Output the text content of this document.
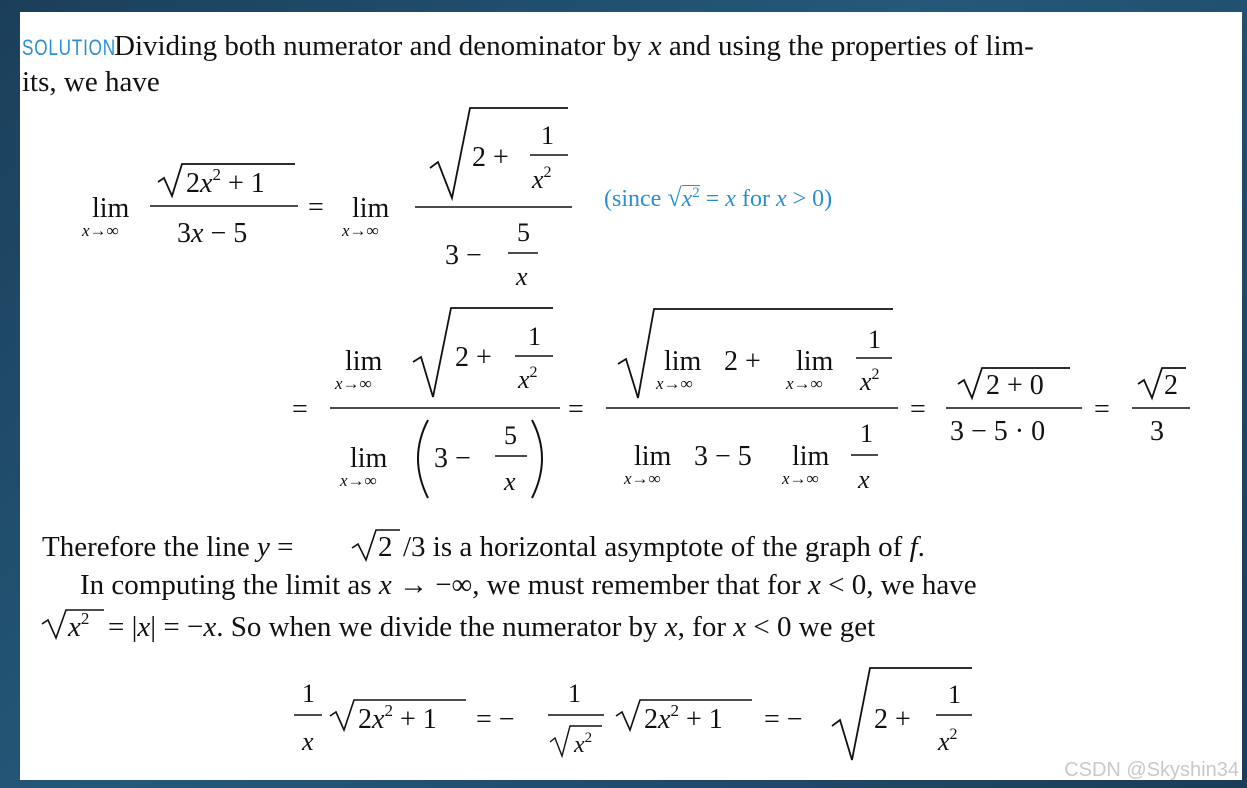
SOLUTIONDividing both numerator and denominator by x and using the properties of lim-
its, we have
(since $√x^2 = x$ for x > 0)
lim
x→∞
$2x^2 + 1$
3x − 5
= lim
x→∞
2 +
1
$x^2$
3 −
5
x
=
lim
x→∞
2 +
1
$x^2$
lim
x→∞
3 −
5
x
=
lim
x→∞
2 + lim
x→∞
1
$x^2$
lim
x→∞
3 − 5 lim
x→∞
1
x
=
2 + 0
3 − 5 · 0
=
2
3
Therefore the line y =	2 /3 is a horizontal asymptote of the graph of f.
In computing the limit as x → −∞, we must remember that for x < 0, we have
$x^2 = |x| = -x$. So when we divide the numerator by x, for x < 0 we get
1
x
$2x^2 + 1$ = −
1
$x^2$
$2x^2 + 1$ = −	2 +
1
$x^2$
CSDN @Skyshin34
